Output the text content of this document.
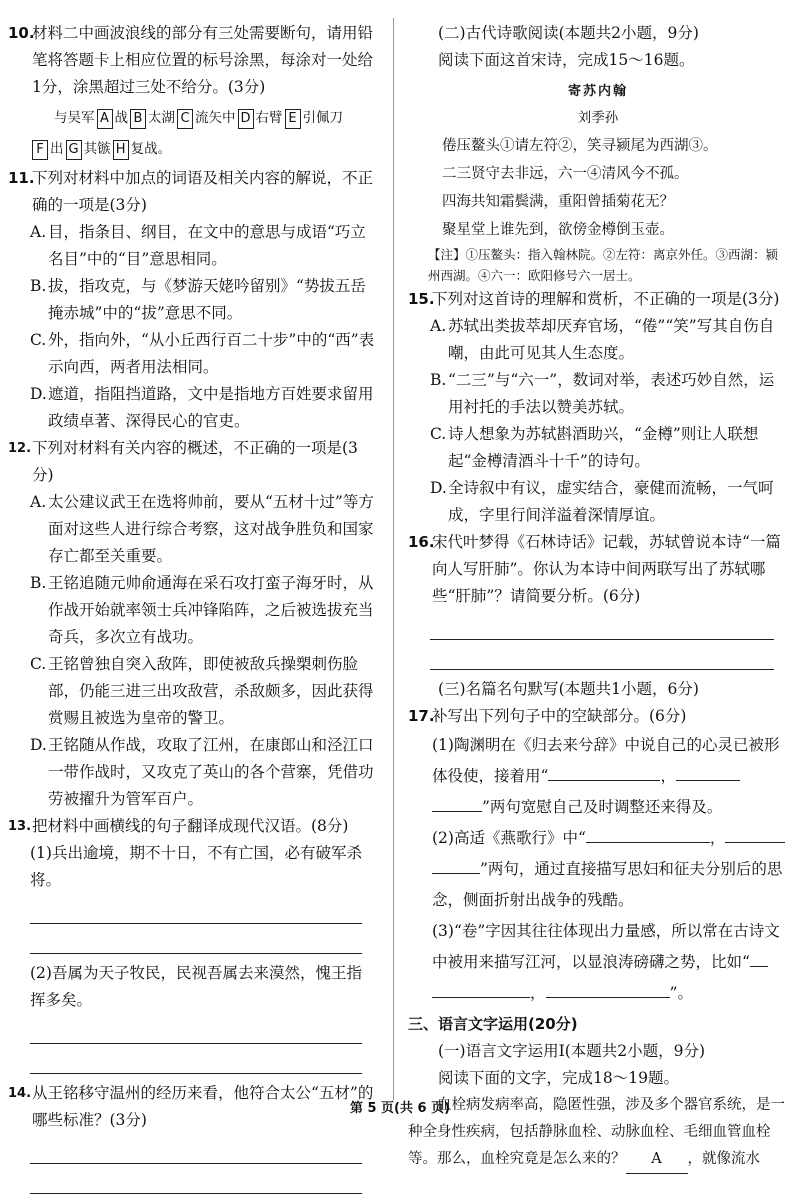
10.
材料二中画波浪线的部分有三处需要断句，请用铅笔将答题卡上相应位置的标号涂黑，每涂对一处给1分，涂黑超过三处不给分。(3分)
与吴军 A 战 B 太湖 C 流矢中 D 右臂 E 引佩刀
F 出 G 其镞 H 复战。
11.
下列对材料中加点的词语及相关内容的解说，不正确的一项是(3分)
A. 目，指条目、纲目，在文中的意思与成语“巧立名目”中的“目”意思相同。
B. 拔，指攻克，与《梦游天姥吟留别》“势拔五岳掩赤城”中的“拔”意思不同。
C. 外，指向外，“从小丘西行百二十步”中的“西”表示向西，两者用法相同。
D. 遮道，指阻挡道路，文中是指地方百姓要求留用政绩卓著、深得民心的官吏。
12. 下列对材料有关内容的概述，不正确的一项是(3分)
A. 太公建议武王在选将帅前，要从“五材十过”等方面对这些人进行综合考察，这对战争胜负和国家存亡都至关重要。
B. 王铭追随元帅俞通海在采石攻打蛮子海牙时，从作战开始就率领士兵冲锋陷阵，之后被选拔充当奇兵，多次立有战功。
C. 王铭曾独自突入敌阵，即使被敌兵操槊刺伤脸部，仍能三进三出攻敌营，杀敌颇多，因此获得赏赐且被选为皇帝的警卫。
D. 王铭随从作战，攻取了江州，在康郎山和泾江口一带作战时，又攻克了英山的各个营寨，凭借功劳被擢升为管军百户。
13. 把材料中画横线的句子翻译成现代汉语。(8分)
(1)兵出逾境，期不十日，不有亡国，必有破军杀将。
(2)吾属为天子牧民，民视吾属去来漠然，愧王指挥多矣。
14. 从王铭移守温州的经历来看，他符合太公“五材”的哪些标准？(3分)
(二)古代诗歌阅读(本题共2小题，9分)
阅读下面这首宋诗，完成15～16题。
寄苏内翰
刘季孙
倦压鳌头①请左符②，笑寻颍尾为西湖③。
二三贤守去非远，六一④清风今不孤。
四海共知霜鬓满，重阳曾插菊花无？
聚星堂上谁先到，欲傍金樽倒玉壶。
【注】①压鳌头：指入翰林院。②左符：离京外任。③西湖：颍州西湖。④六一：欧阳修号六一居士。
15.
下列对这首诗的理解和赏析，不正确的一项是(3分)
A. 苏轼出类拔萃却厌弃官场，“倦”“笑”写其自伤自嘲，由此可见其人生态度。
B. “二三”与“六一”，数词对举，表述巧妙自然，运用衬托的手法以赞美苏轼。
C. 诗人想象为苏轼斟酒助兴，“金樽”则让人联想起“金樽清酒斗十千”的诗句。
D. 全诗叙中有议，虚实结合，豪健而流畅，一气呵成，字里行间洋溢着深情厚谊。
16.
宋代叶梦得《石林诗话》记载，苏轼曾说本诗“一篇向人写肝肺”。你认为本诗中间两联写出了苏轼哪些“肝肺”？请简要分析。(6分)
(三)名篇名句默写(本题共1小题，6分)
17.
补写出下列句子中的空缺部分。(6分)
(1)陶渊明在《归去来兮辞》中说自己的心灵已被形体役使，接着用“	， ”两句宽慰自己及时调整还来得及。
(2)高适《燕歌行》中“	， ”两句，通过直接描写思妇和征夫分别后的思念，侧面折射出战争的残酷。
(3)“卷”字因其往往体现出力量感，所以常在古诗文中被用来描写江河，以显浪涛磅礴之势，比如“ ，	”。
三、语言文字运用(20分)
(一)语言文字运用Ⅰ(本题共2小题，9分)
阅读下面的文字，完成18～19题。
血栓病发病率高，隐匿性强，涉及多个器官系统，是一种全身性疾病，包括静脉血栓、动脉血栓、毛细血管血栓等。那么，血栓究竟是怎么来的？ A ，就像流水
第 5 页(共 6 页)
